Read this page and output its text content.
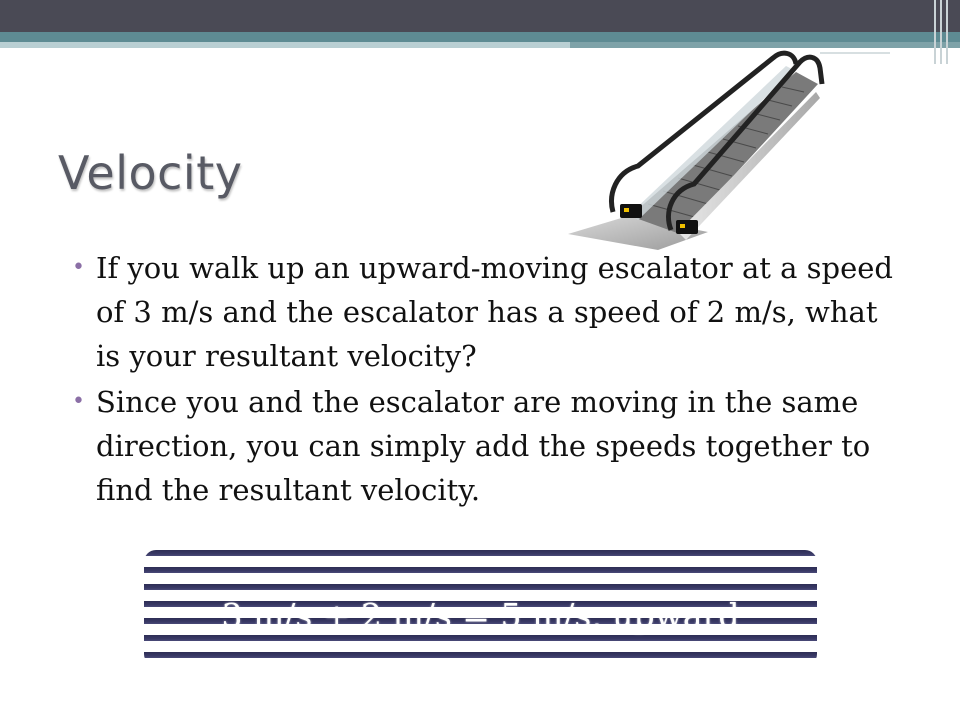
Velocity
• If you walk up an upward-moving escalator at a speed of 3 m/s and the escalator has a speed of 2 m/s, what is your resultant velocity?
• Since you and the escalator are moving in the same direction, you can simply add the speeds together to find the resultant velocity.
3 m/s + 2 m/s = 5 m/s, upward
